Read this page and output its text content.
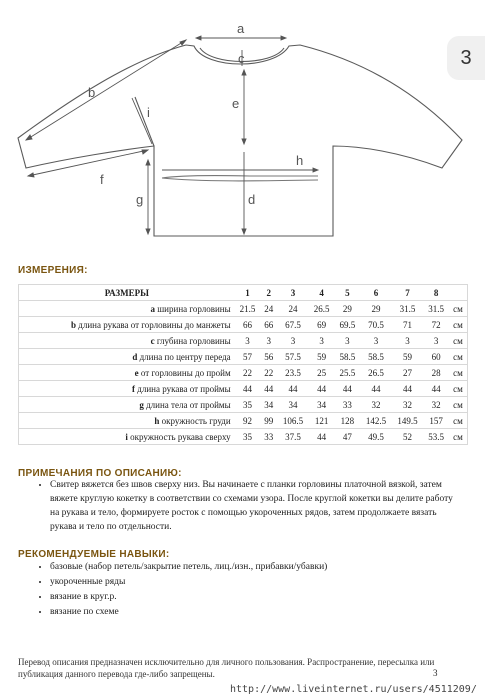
a
b
c
e
i
h
f
g	d
3
ИЗМЕРЕНИЯ:
РАЗМЕРЫ	1	2	3	4	5	6	7	8	
a ширина горловины	21.5	24	24	26.5	29	29	31.5	31.5	см
b длина рукава от горловины до манжеты	66	66	67.5	69	69.5	70.5	71	72	см
c глубина горловины	3	3	3	3	3	3	3	3	см
d длина по центру переда	57	56	57.5	59	58.5	58.5	59	60	см
e от горловины до пройм	22	22	23.5	25	25.5	26.5	27	28	см
f длина рукава от проймы	44	44	44	44	44	44	44	44	см
g длина тела от проймы	35	34	34	34	33	32	32	32	см
h окружность груди	92	99	106.5	121	128	142.5	149.5	157	см
i окружность рукава сверху	35	33	37.5	44	47	49.5	52	53.5	см
ПРИМЕЧАНИЯ ПО ОПИСАНИЮ:
• Свитер вяжется без швов сверху низ. Вы начинаете с планки горловины платочной вязкой, затем вяжете круглую кокетку в соответствии со схемами узора. После круглой кокетки вы делите работу на рукава и тело, формируете росток с помощью укороченных рядов, затем продолжаете вязать рукава и тело по отдельности.
РЕКОМЕНДУЕМЫЕ НАВЫКИ:
• базовые (набор петель/закрытие петель, лиц./изн., прибавки/убавки)
• укороченные ряды
• вязание в круг.р.
• вязание по схеме
Перевод описания предназначен исключительно для личного пользования. Распространение, пересылка или публикация данного перевода где-либо запрещены.	3
http://www.liveinternet.ru/users/4511209/
